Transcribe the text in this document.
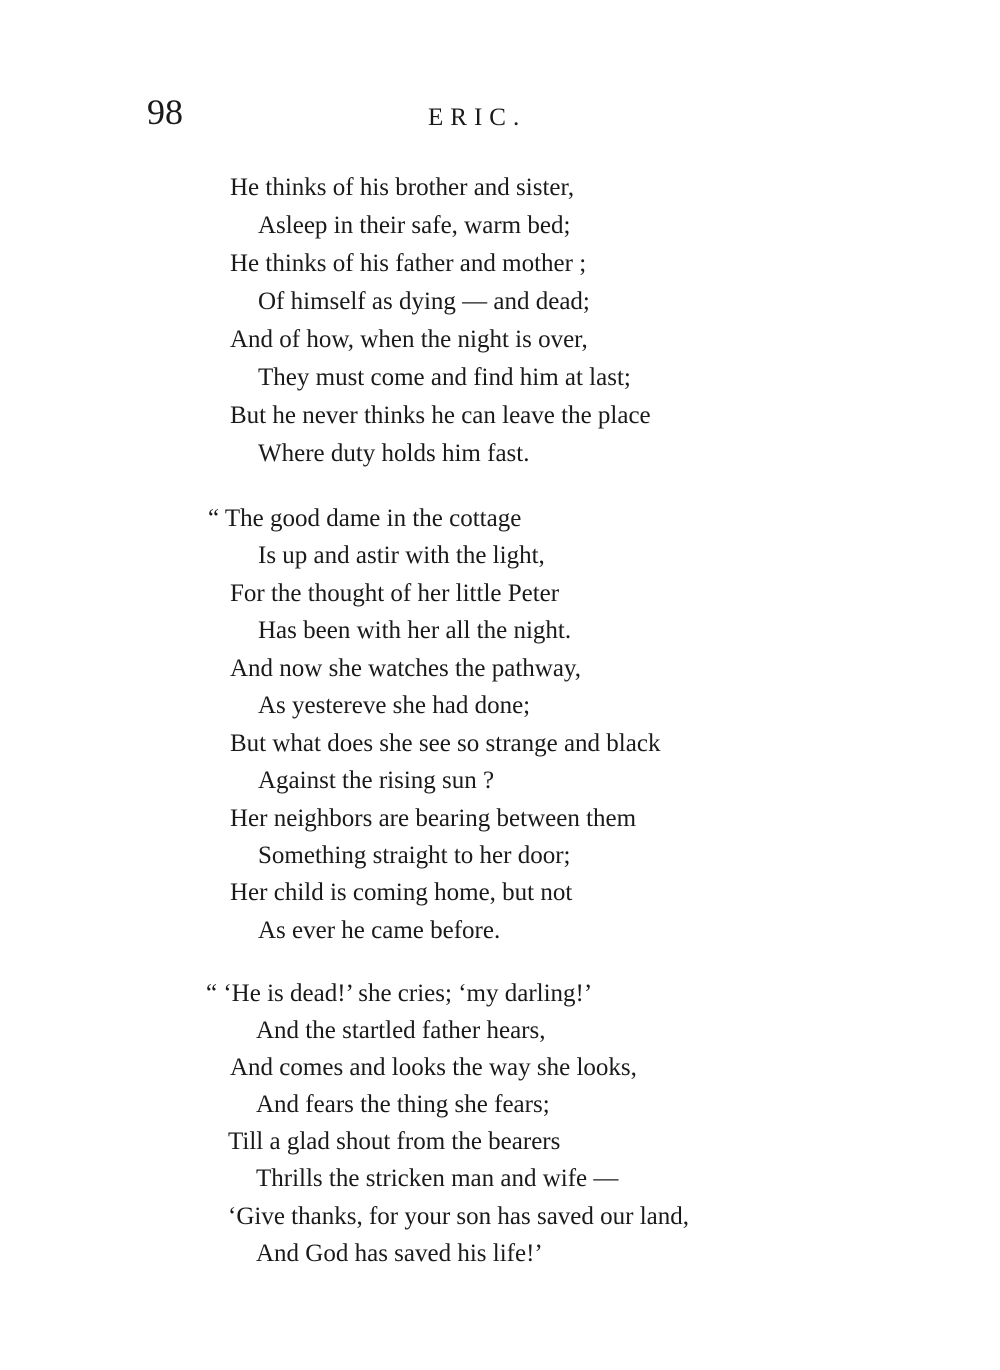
98	ERIC.
He thinks of his brother and sister,
Asleep in their safe, warm bed;
He thinks of his father and mother ;
Of himself as dying — and dead;
And of how, when the night is over,
They must come and find him at last;
But he never thinks he can leave the place
Where duty holds him fast.
“ The good dame in the cottage
Is up and astir with the light,
For the thought of her little Peter
Has been with her all the night.
And now she watches the pathway,
As yestereve she had done;
But what does she see so strange and black
Against the rising sun ?
Her neighbors are bearing between them
Something straight to her door;
Her child is coming home, but not
As ever he came before.
“ ‘He is dead!’ she cries; ‘my darling!’
And the startled father hears,
And comes and looks the way she looks,
And fears the thing she fears;
Till a glad shout from the bearers
Thrills the stricken man and wife —
‘Give thanks, for your son has saved our land,
And God has saved his life!’
